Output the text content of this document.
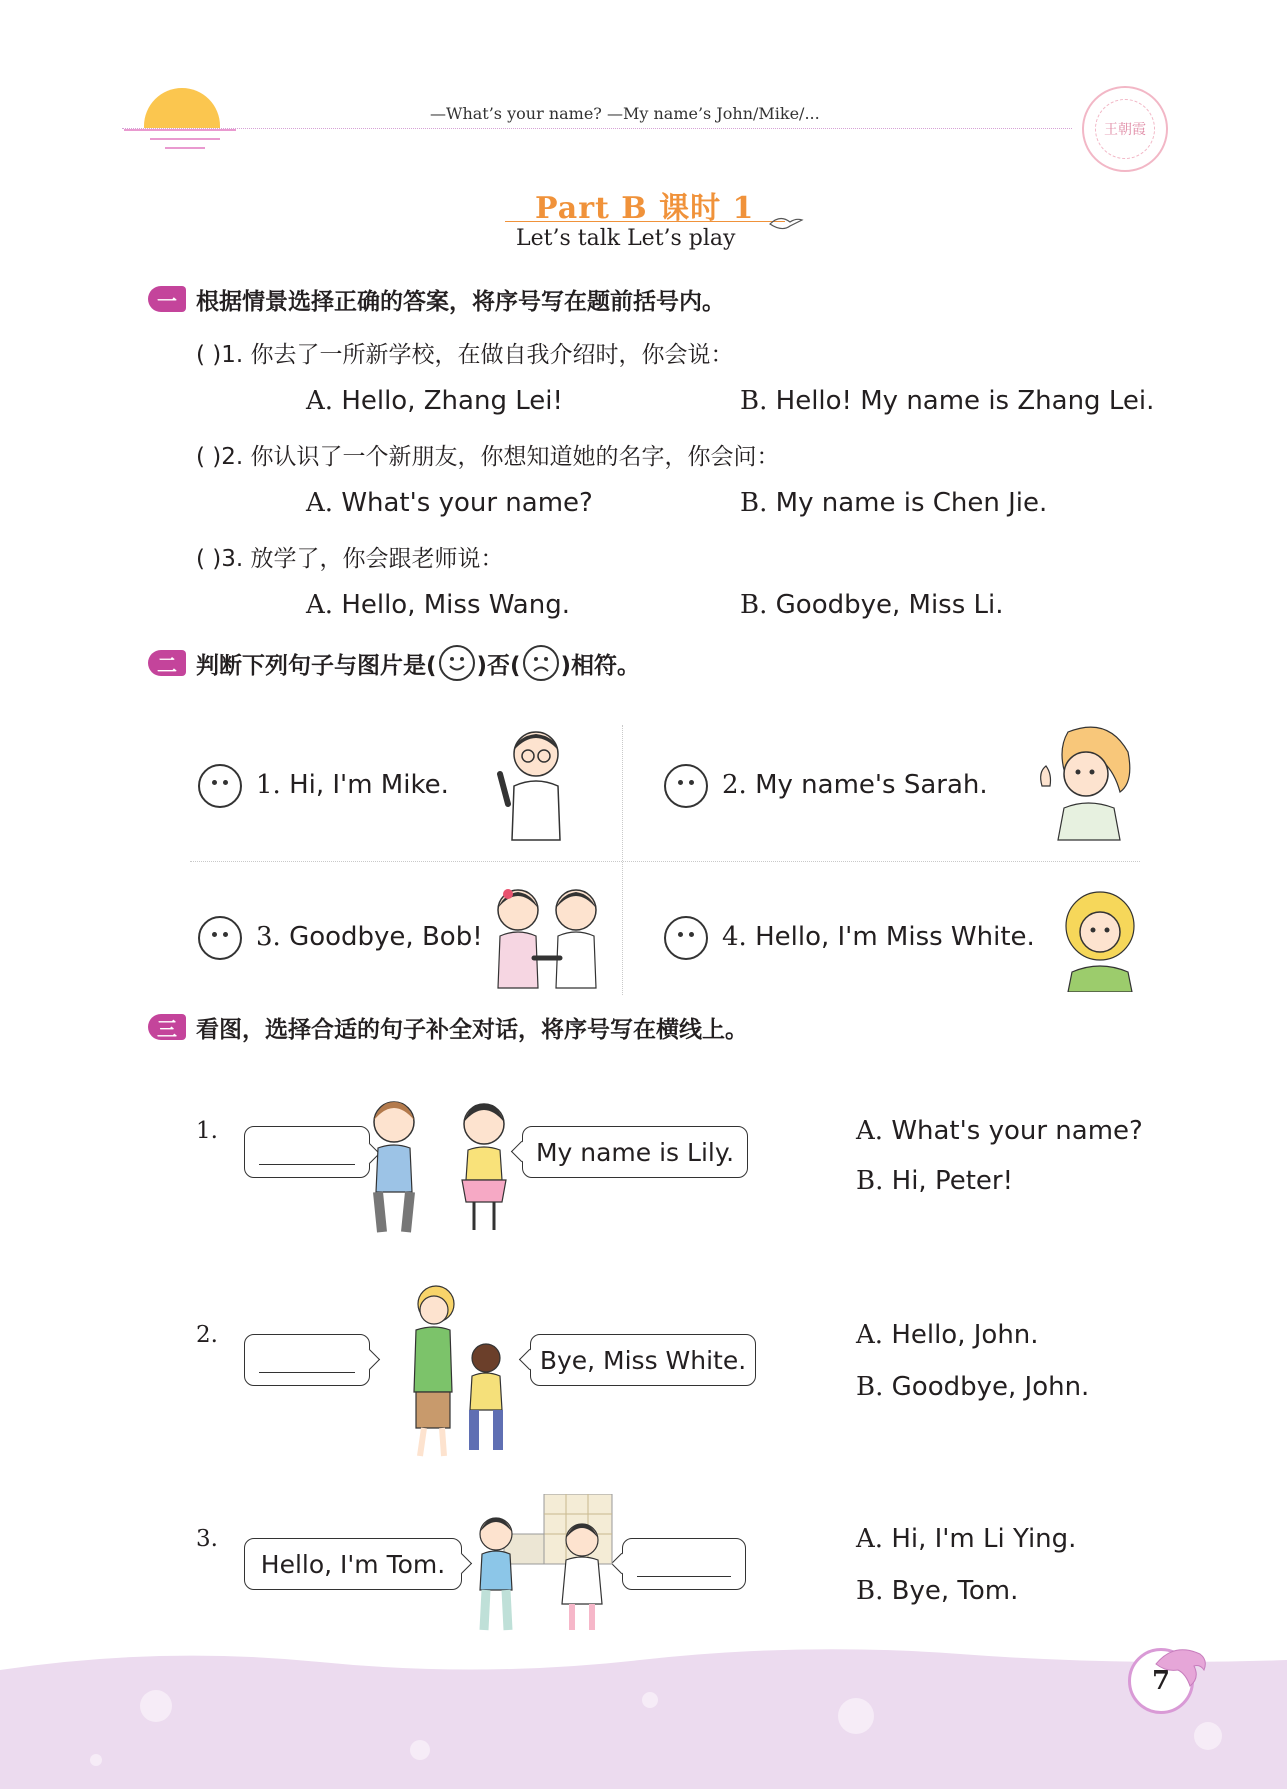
—What’s your name? —My name’s John/Mike/...
王朝霞
Part B 课时 1
Let’s talk Let’s play
一 根据情景选择正确的答案，将序号写在题前括号内。
( )1. 你去了一所新学校，在做自我介绍时，你会说：
A. Hello, Zhang Lei!	B. Hello! My name is Zhang Lei.
( )2. 你认识了一个新朋友，你想知道她的名字，你会问：
A. What's your name?	B. My name is Chen Jie.
( )3. 放学了，你会跟老师说：
A. Hello, Miss Wang.	B. Goodbye, Miss Li.
二 判断下列句子与图片是( )否( )相符。
1. Hi, I'm Mike.	2. My name's Sarah.
3. Goodbye, Bob!	4. Hello, I'm Miss White.
三 看图，选择合适的句子补全对话，将序号写在横线上。
1.
My name is Lily.
A. What's your name?
B. Hi, Peter!
2.
Bye, Miss White.
A. Hello, John.
B. Goodbye, John.
3.
Hello, I'm Tom.
A. Hi, I'm Li Ying.
B. Bye, Tom.
7
